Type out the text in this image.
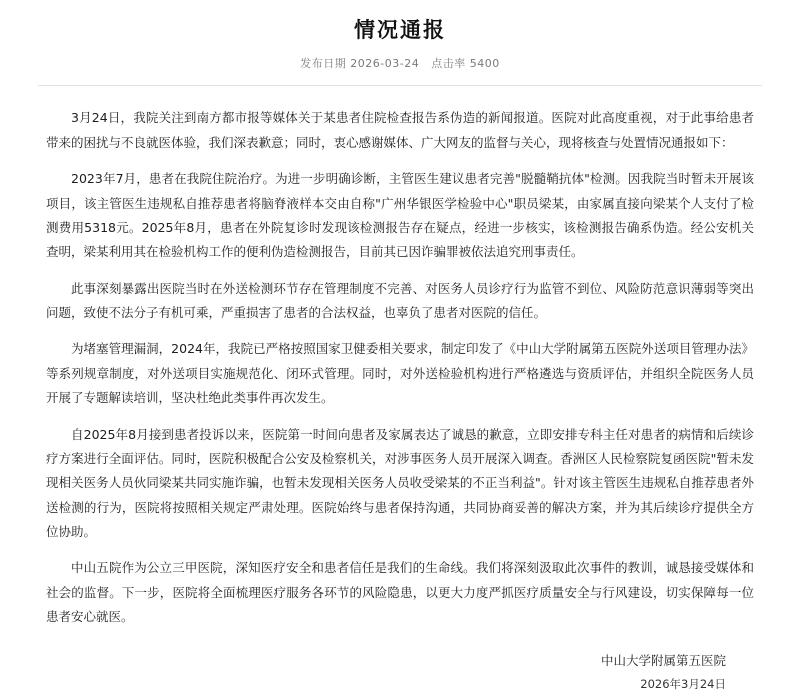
情况通报
发布日期 2026-03-24 点击率 5400

3月24日，我院关注到南方都市报等媒体关于某患者住院检查报告系伪造的新闻报道。医院对此高度重视，对于此事给患者带来的困扰与不良就医体验，我们深表歉意；同时，衷心感谢媒体、广大网友的监督与关心，现将核查与处置情况通报如下：

2023年7月，患者在我院住院治疗。为进一步明确诊断，主管医生建议患者完善"脱髓鞘抗体"检测。因我院当时暂未开展该项目，该主管医生违规私自推荐患者将脑脊液样本交由自称"广州华银医学检验中心"职员梁某，由家属直接向梁某个人支付了检测费用5318元。2025年8月，患者在外院复诊时发现该检测报告存在疑点，经进一步核实，该检测报告确系伪造。经公安机关查明，梁某利用其在检验机构工作的便利伪造检测报告，目前其已因诈骗罪被依法追究刑事责任。

此事深刻暴露出医院当时在外送检测环节存在管理制度不完善、对医务人员诊疗行为监管不到位、风险防范意识薄弱等突出问题，致使不法分子有机可乘，严重损害了患者的合法权益，也辜负了患者对医院的信任。

为堵塞管理漏洞，2024年，我院已严格按照国家卫健委相关要求，制定印发了《中山大学附属第五医院外送项目管理办法》等系列规章制度，对外送项目实施规范化、闭环式管理。同时，对外送检验机构进行严格遴选与资质评估，并组织全院医务人员开展了专题解读培训，坚决杜绝此类事件再次发生。

自2025年8月接到患者投诉以来，医院第一时间向患者及家属表达了诚恳的歉意，立即安排专科主任对患者的病情和后续诊疗方案进行全面评估。同时，医院积极配合公安及检察机关，对涉事医务人员开展深入调查。香洲区人民检察院复函医院"暂未发现相关医务人员伙同梁某共同实施诈骗，也暂未发现相关医务人员收受梁某的不正当利益"。针对该主管医生违规私自推荐患者外送检测的行为，医院将按照相关规定严肃处理。医院始终与患者保持沟通，共同协商妥善的解决方案，并为其后续诊疗提供全方位协助。

中山五院作为公立三甲医院，深知医疗安全和患者信任是我们的生命线。我们将深刻汲取此次事件的教训，诚恳接受媒体和社会的监督。下一步，医院将全面梳理医疗服务各环节的风险隐患，以更大力度严抓医疗质量安全与行风建设，切实保障每一位患者安心就医。

中山大学附属第五医院
2026年3月24日
